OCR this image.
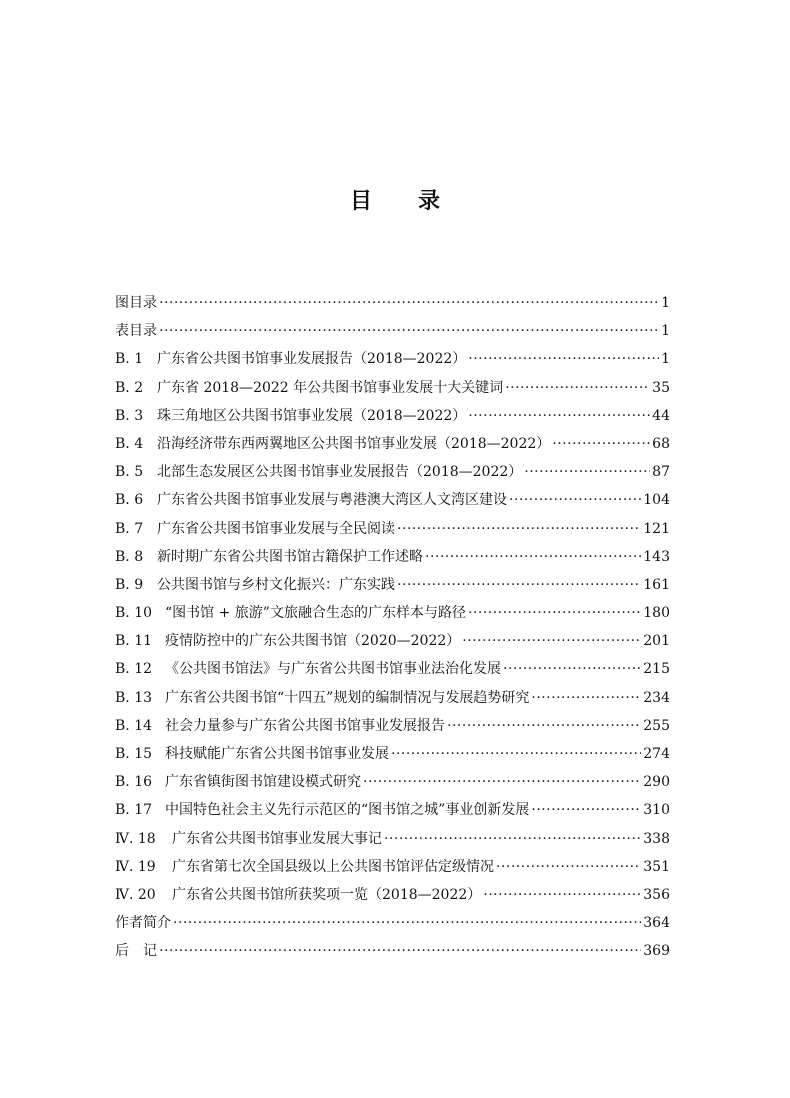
目 录
图目录 ·····	1
表目录 ·····	1
B. 1 广东省公共图书馆事业发展报告（2018—2022） ·····	1
B. 2 广东省 2018—2022 年公共图书馆事业发展十大关键词 ·····	35
B. 3 珠三角地区公共图书馆事业发展（2018—2022） ·····	44
B. 4 沿海经济带东西两翼地区公共图书馆事业发展（2018—2022） ·····	68
B. 5 北部生态发展区公共图书馆事业发展报告（2018—2022） ·····	87
B. 6 广东省公共图书馆事业发展与粤港澳大湾区人文湾区建设 ·····	104
B. 7 广东省公共图书馆事业发展与全民阅读 ·····	121
B. 8 新时期广东省公共图书馆古籍保护工作述略 ·····	143
B. 9 公共图书馆与乡村文化振兴：广东实践 ·····	161
B. 10 “图书馆 + 旅游”文旅融合生态的广东样本与路径 ·····	180
B. 11 疫情防控中的广东公共图书馆（2020—2022） ·····	201
B. 12 《公共图书馆法》与广东省公共图书馆事业法治化发展 ·····	215
B. 13 广东省公共图书馆“十四五”规划的编制情况与发展趋势研究 ·····	234
B. 14 社会力量参与广东省公共图书馆事业发展报告 ·····	255
B. 15 科技赋能广东省公共图书馆事业发展 ·····	274
B. 16 广东省镇街图书馆建设模式研究 ·····	290
B. 17 中国特色社会主义先行示范区的“图书馆之城”事业创新发展 ·····	310
Ⅳ. 18	广东省公共图书馆事业发展大事记 ·····	338
Ⅳ. 19	广东省第七次全国县级以上公共图书馆评估定级情况 ·····	351
Ⅳ. 20	广东省公共图书馆所获奖项一览（2018—2022） ·····	356
作者简介 ·····	364
后　记 ·····	369
